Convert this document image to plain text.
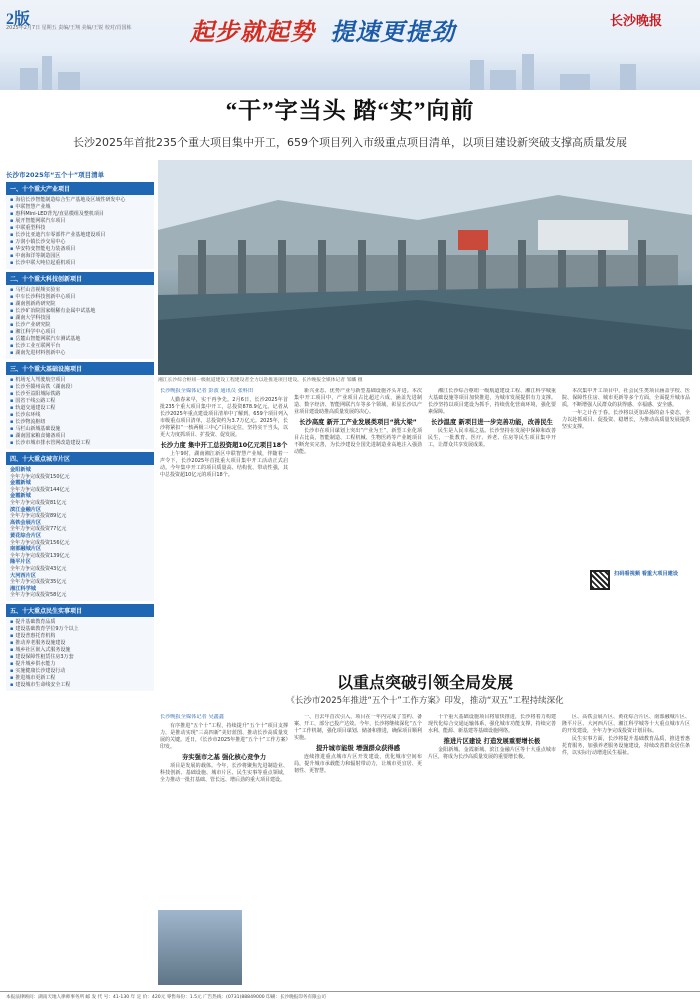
2版
2025年2月7日 星期五 责编/王翔 美编/王锐 校对/肖国栋	起步就起势 提速更提劲	长沙晚报
“干”字当头 踏“实”向前
长沙2025年首批235个重大项目集中开工，659个项目列入市级重点项目清单，以项目建设新突破支撑高质量发展
长沙市2025年“五个十”项目清单
一、十个重大产业项目
▪ 海信长沙智能制造综合生产基地及区域性研发中心
▪ 中联智慧产业城
▪ 惠科Mini-LED背光/直显模组及整机项目
▪ 展开智能网联汽车项目
▪ 中联重型科技
▪ 长沙比亚迪汽车零部件产业基地建设项目
▪ 万润小镇长沙交易中心
▪ 华安特变智能电力装备项目
▪ 中南海洋等制造园区
▪ 长沙中联大吨位起重机项目
二、十个重大科技创新项目
▪ 马栏山音视频实验室
▪ 中车长沙科技创新中心项目
▪ 湖南创新药研究院
▪ 长沙矿冶院国家级稀有金属中试基地
▪ 湖南大学科技园
▪ 长沙产业研究院
▪ 湘江科学中心项目
▪ 岳麓山智能网联汽车测试基地
▪ 长沙工业互联网平台
▪ 湖南先进材料创新中心
三、十个重大基础设施项目
▪ 机场无人驾驶航空项目
▪ 长沙至赣州高铁（湖南段）
▪ 长沙至益阳城际铁路
▪ 国省干线公路工程
▪ 轨道交通建设工程
▪ 长沙东环线
▪ 长沙物流枢纽
▪ 马栏山新城基础设施
▪ 湖南国家粮食储备项目
▪ 长沙市城市排水管网改造建设工程
四、十大重点城市片区
金阳新城
全年力争完成投资150亿元
金霞新城
全年力争完成投资144亿元
金霞新城
全年力争完成投资81亿元
滨江金融片区
全年力争完成投资89亿元
高铁会展片区
全年力争完成投资77亿元
黄花综合片区
全年力争完成投资156亿元
南部融城片区
全年力争完成投资139亿元
隆平片区
全年力争完成投资43亿元
大河西片区
全年力争完成投资35亿元
湘江科学城
全年力争完成投资58亿元
五、十大重点民生实事项目
▪ 提升基础教育品质
▪ 建设基础教育学位9万个以上
▪ 建设普惠托育机构
▪ 推动养老服务设施建设
▪ 城乡社区嵌入式服务设施
▪ 建设保障性租赁住房3万套
▪ 提升城乡供水能力
▪ 实施健康长沙建设行动
▪ 推进城市更新工程
▪ 建设城市生命线安全工程
湘江长沙综合枢纽一级航道建设工程建设者全力以赴推进项目建设。长沙晚报全媒体记者 邹麟 摄
长沙晚报全媒体记者 彭波 通讯员 张科田

人勤春来早，实干再争先。2月6日，长沙2025年首批235个重大项目集中开工，总投资878.9亿元。记者从长沙2025年重点建设项目清单中了解到，659个项目列入市级重点项目清单，总投资约为3.7万亿元。2025年，长沙将紧扣“一核两极三中心”目标定位，坚持实干当头，以更大力度抓项目、扩投资、促发展。

长沙力度 集中开工总投资超10亿元项目18个

上午9时，湖南湘江新区中联智慧产业城，伴随着一声令下，长沙2025年首批重大项目集中开工活动正式启动。今年集中开工的项目质量高、结构优、带动性强，其中总投资超10亿元的项目18个。

新兴业态、优势产业与新型基础设施齐头并进。本次集中开工项目中，产业项目占比超过六成，涵盖先进制造、数字经济、智能网联汽车等多个领域，彰显长沙以产业项目建设助推高质量发展的决心。

长沙高度 新开工产业发展类项目“挑大梁”

长沙市在项目谋划上突出“产业为王”，新型工业化项目占比高，智能制造、工程机械、生物医药等产业链项目不断充实完善，为长沙建设全国先进制造业高地注入强劲动能。

湘江长沙综合枢纽一级航道建设工程、湘江科学城重大基础设施等项目加快推进，为城市发展提供有力支撑。长沙坚持以项目建设为抓手，持续优化营商环境，强化要素保障。

长沙温度 新项目进一步完善功能，改善民生

民生是人民幸福之基。长沙坚持在发展中保障和改善民生，一批教育、医疗、养老、住房等民生项目集中开工，让群众共享发展成果。

本次集中开工项目中，社会民生类项目涵盖学校、医院、保障性住房、城市更新等多个方面，全面提升城市品质，不断增强人民群众的获得感、幸福感、安全感。

一年之计在于春。长沙将以更加昂扬的奋斗姿态，全力以赴抓项目、促投资、稳增长，为推动高质量发展提供坚实支撑。

扫码看视频 看重大项目建设
以重点突破引领全局发展
《长沙市2025年推进“五个十”工作方案》印发，推动“双五”工程持续深化
长沙晚报全媒体记者 吴鑫鑫

有序推进“五个十”工程，持续提升“五个十”项目支撑力，是推动实现“三高四新”美好蓝图、推动长沙高质量发展的关键。近日，《长沙市2025年推进“五个十”工作方案》印发。

夯实强市之基 强化核心竞争力

项目是发展的载体。今年，长沙将聚焦先进制造业、科技创新、基础设施、城市片区、民生实事等重点领域，全力推动一批打基础、管长远、增后劲的重大项目建设。

一、自去年首次引入，项目在一年内完成了签约、备案、开工，部分已投产达效。今年，长沙将继续深化“五个十”工作机制，强化项目谋划、储备和推进，确保项目顺利实施。

提升城市能级 增强群众获得感

连续推进重点城市片区开发建设，优化城市空间布局，提升城市承载能力和辐射带动力，让城市更宜居、更韧性、更智慧。

十个重大基础设施项目将加快推进，长沙将着力构建现代化综合交通运输体系，强化城市功能支撑，持续完善水利、能源、新基建等基础设施网络。

推进片区建设 打造发展重要增长极

金阳新城、金霞新城、滨江金融片区等十大重点城市片区，将成为长沙高质量发展的重要增长极。

区、高铁会展片区、黄花综合片区、南部融城片区、隆平片区、大河西片区、湘江科学城等十大重点城市片区的开发建设，全年力争完成投资计划目标。

民生实事方面，长沙将提升基础教育品质，推进普惠托育服务，加强养老服务设施建设，持续改善群众居住条件，以实际行动增进民生福祉。

本报法律顾问：湖南天地人律师事务所 邮 发 代 号：41-130 年 定 价：420元 零售每份：1.5元 广告热线：(0731)88849000 印刷：长沙晚报印务有限公司
